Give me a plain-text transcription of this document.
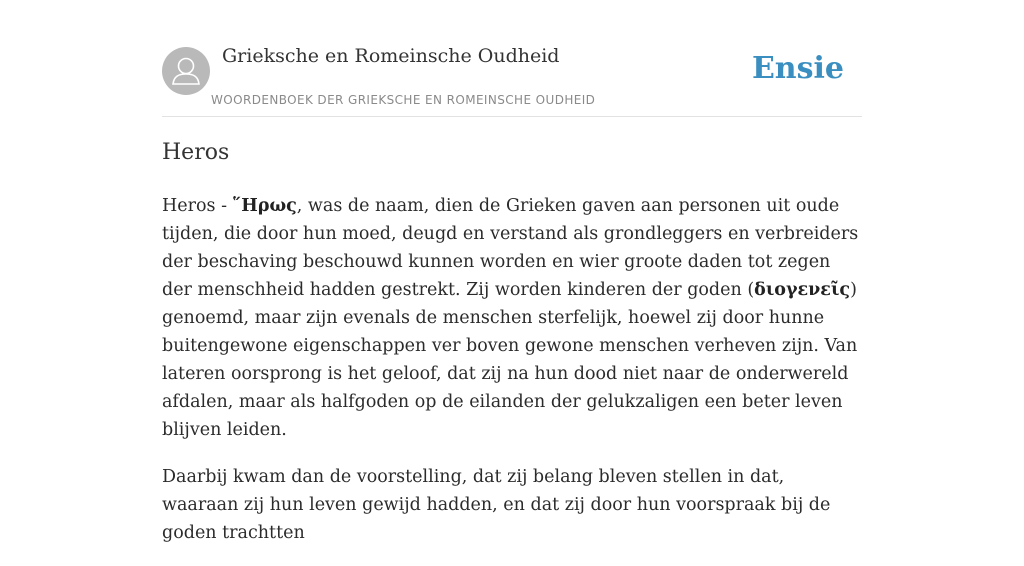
Grieksche en Romeinsche Oudheid
WOORDENBOEK DER GRIEKSCHE EN ROMEINSCHE OUDHEID
Ensie
Heros

Heros - ῞Ηρως, was de naam, dien de Grieken gaven aan personen uit oude tijden, die door hun moed, deugd en verstand als grondleggers en verbreiders der beschaving beschouwd kunnen worden en wier groote daden tot zegen der menschheid hadden gestrekt. Zij worden kinderen der goden (διογενεῖς) genoemd, maar zijn evenals de menschen sterfelijk, hoewel zij door hunne buitengewone eigenschappen ver boven gewone menschen verheven zijn. Van lateren oorsprong is het geloof, dat zij na hun dood niet naar de onderwereld afdalen, maar als halfgoden op de eilanden der gelukzaligen een beter leven blijven leiden.

Daarbij kwam dan de voorstelling, dat zij belang bleven stellen in dat, waaraan zij hun leven gewijd hadden, en dat zij door hun voorspraak bij de goden trachtten
